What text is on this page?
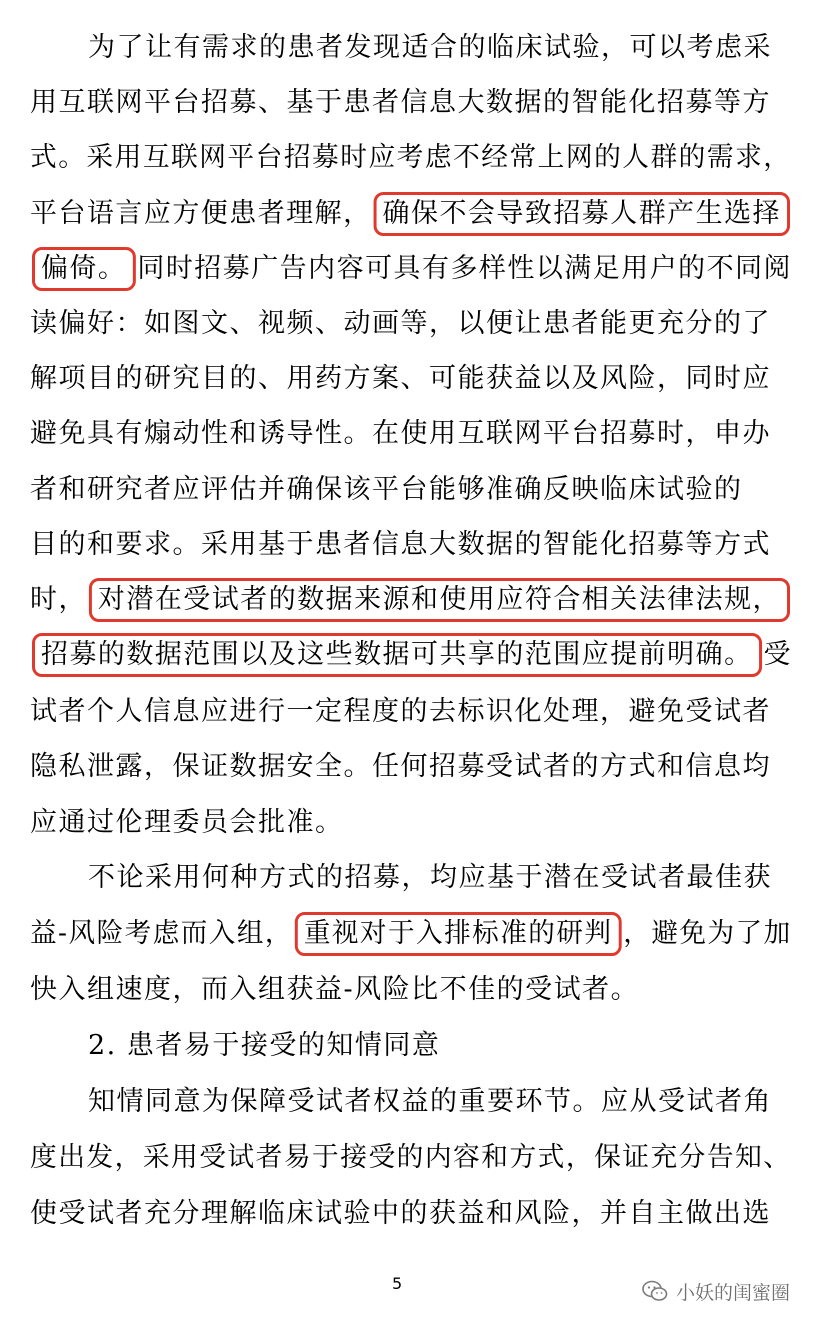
为了让有需求的患者发现适合的临床试验，可以考虑采
用互联网平台招募、基于患者信息大数据的智能化招募等方
式。采用互联网平台招募时应考虑不经常上网的人群的需求，
平台语言应方便患者理解， 确保不会导致招募人群产生选择
偏倚。 同时招募广告内容可具有多样性以满足用户的不同阅
读偏好：如图文、视频、动画等，以便让患者能更充分的了
解项目的研究目的、用药方案、可能获益以及风险，同时应
避免具有煽动性和诱导性。在使用互联网平台招募时，申办
者和研究者应评估并确保该平台能够准确反映临床试验的
目的和要求。采用基于患者信息大数据的智能化招募等方式
时， 对潜在受试者的数据来源和使用应符合相关法律法规，
招募的数据范围以及这些数据可共享的范围应提前明确。 受
试者个人信息应进行一定程度的去标识化处理，避免受试者
隐私泄露，保证数据安全。任何招募受试者的方式和信息均
应通过伦理委员会批准。
不论采用何种方式的招募，均应基于潜在受试者最佳获
益-风险考虑而入组， 重视对于入排标准的研判 ，避免为了加
快入组速度，而入组获益-风险比不佳的受试者。
2. 患者易于接受的知情同意
知情同意为保障受试者权益的重要环节。应从受试者角
度出发，采用受试者易于接受的内容和方式，保证充分告知、
使受试者充分理解临床试验中的获益和风险，并自主做出选
5	小妖的闺蜜圈
